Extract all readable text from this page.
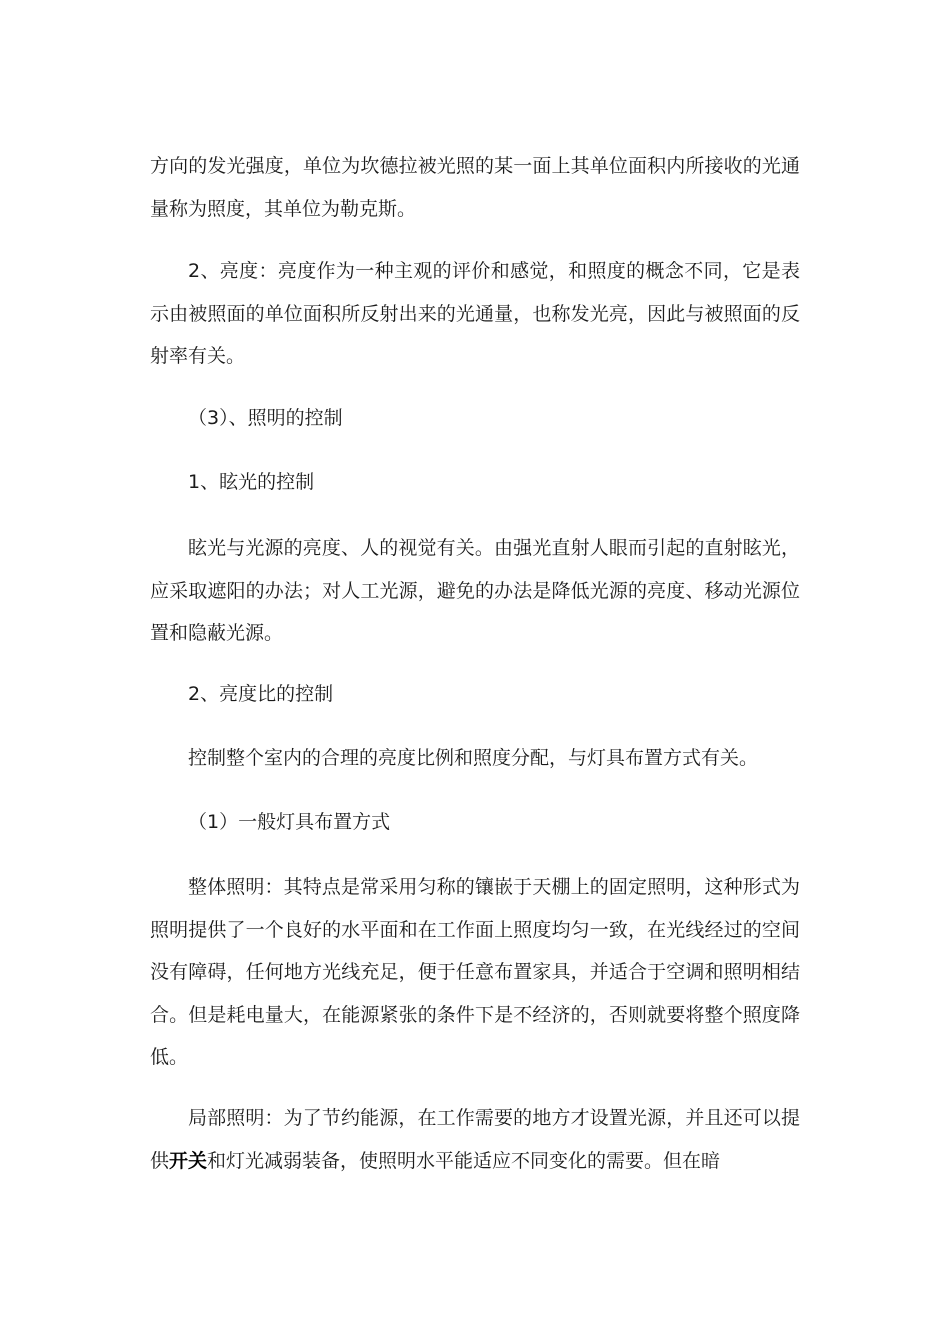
方向的发光强度，单位为坎德拉被光照的某一面上其单位面积内所接收的光通量称为照度，其单位为勒克斯。

2、亮度：亮度作为一种主观的评价和感觉，和照度的概念不同，它是表示由被照面的单位面积所反射出来的光通量，也称发光亮，因此与被照面的反射率有关。

（3）、照明的控制

1、眩光的控制

眩光与光源的亮度、人的视觉有关。由强光直射人眼而引起的直射眩光，应采取遮阳的办法；对人工光源，避免的办法是降低光源的亮度、移动光源位置和隐蔽光源。

2、亮度比的控制

控制整个室内的合理的亮度比例和照度分配，与灯具布置方式有关。

（1）一般灯具布置方式

整体照明：其特点是常采用匀称的镶嵌于天棚上的固定照明，这种形式为照明提供了一个良好的水平面和在工作面上照度均匀一致，在光线经过的空间没有障碍，任何地方光线充足，便于任意布置家具，并适合于空调和照明相结合。但是耗电量大，在能源紧张的条件下是不经济的，否则就要将整个照度降低。

局部照明：为了节约能源，在工作需要的地方才设置光源，并且还可以提供开关和灯光减弱装备，使照明水平能适应不同变化的需要。但在暗
